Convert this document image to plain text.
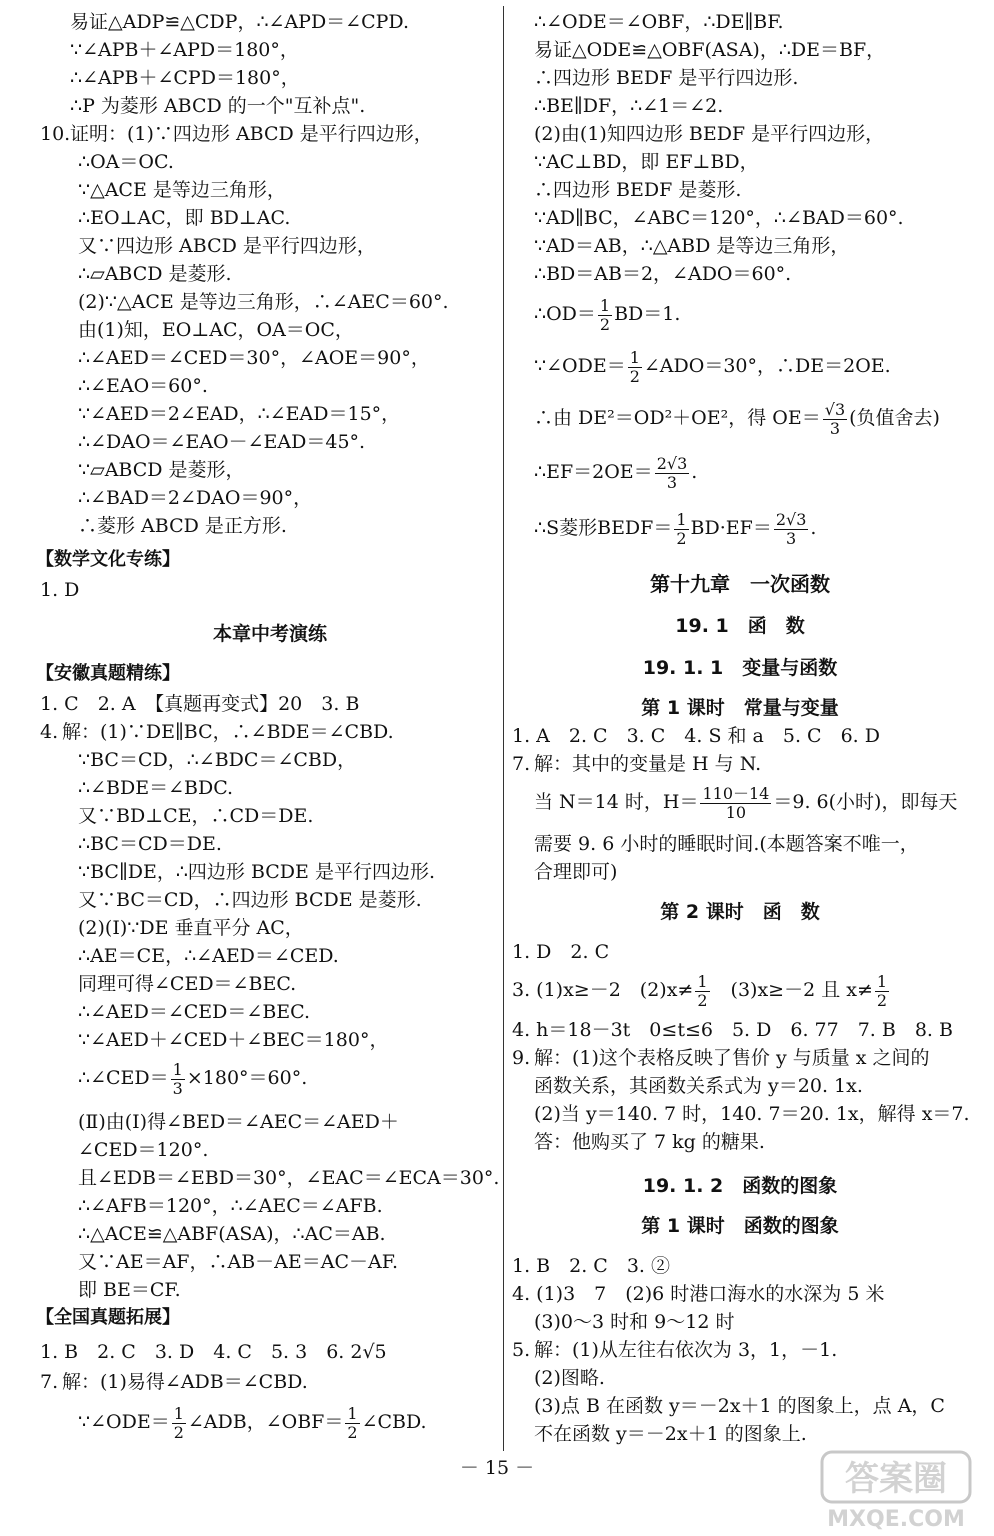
易证△ADP≌△CDP，∴∠APD＝∠CPD.
∵∠APB＋∠APD＝180°，
∴∠APB＋∠CPD＝180°，
∴P 为菱形 ABCD 的一个"互补点".
10. 证明：(1)∵四边形 ABCD 是平行四边形，
∴OA＝OC.
∵△ACE 是等边三角形，
∴EO⊥AC，即 BD⊥AC.
又∵四边形 ABCD 是平行四边形，
∴▱ABCD 是菱形.
(2)∵△ACE 是等边三角形，∴∠AEC＝60°.
由(1)知，EO⊥AC，OA＝OC，
∴∠AED＝∠CED＝30°，∠AOE＝90°，
∴∠EAO＝60°.
∵∠AED＝2∠EAD，∴∠EAD＝15°，
∴∠DAO＝∠EAO－∠EAD＝45°.
∵▱ABCD 是菱形，
∴∠BAD＝2∠DAO＝90°，
∴菱形 ABCD 是正方形.
【数学文化专练】
1. D
本章中考演练
【安徽真题精练】
1. C　2. A　【真题再变式】20　3. B
4. 解：(1)∵DE∥BC，∴∠BDE＝∠CBD.
∵BC＝CD，∴∠BDC＝∠CBD，
∴∠BDE＝∠BDC.
又∵BD⊥CE，∴CD＝DE.
∴BC＝CD＝DE.
∵BC∥DE，∴四边形 BCDE 是平行四边形.
又∵BC＝CD，∴四边形 BCDE 是菱形.
(2)(Ⅰ)∵DE 垂直平分 AC，
∴AE＝CE，∴∠AED＝∠CED.
同理可得∠CED＝∠BEC.
∴∠AED＝∠CED＝∠BEC.
∵∠AED＋∠CED＋∠BEC＝180°，
∴∠CED＝ $\frac{1}{3} \times 180^\circ=60^\circ$.
(Ⅱ)由(Ⅰ)得∠BED＝∠AEC＝∠AED＋
∠CED＝120°.
且∠EDB＝∠EBD＝30°，∠EAC＝∠ECA＝30°.
∴∠AFB＝120°，∴∠AEC＝∠AFB.
∴△ACE≌△ABF(ASA)，∴AC＝AB.
又∵AE＝AF，∴AB－AE＝AC－AF.
即 BE＝CF.
【全国真题拓展】
1. B　2. C　3. D　4. C　5. 3　6. 2√5
7. 解：(1)易得∠ADB＝∠CBD.
∵∠ODE＝ $\frac{1}{2}$ ∠ADB，∠OBF＝ $\frac{1}{2}$ ∠CBD.
∴∠ODE＝∠OBF，∴DE∥BF.
易证△ODE≌△OBF(ASA)，∴DE＝BF，
∴四边形 BEDF 是平行四边形.
∴BE∥DF，∴∠1＝∠2.
(2)由(1)知四边形 BEDF 是平行四边形，
∵AC⊥BD，即 EF⊥BD，
∴四边形 BEDF 是菱形.
∵AD∥BC，∠ABC＝120°，∴∠BAD＝60°.
∵AD＝AB，∴△ABD 是等边三角形，
∴BD＝AB＝2，∠ADO＝60°.
∴OD＝ $\frac{1}{2} BD=1$.
∵∠ODE＝ $\frac{1}{2}$ ∠ADO＝30°，∴DE＝2OE.
∴由 DE²＝OD²＋OE²，得 $OE= \frac{√3}{3}$ (负值舍去)
∴EF＝2OE＝ $\frac{2√3}{3}$ .
∴S菱形BEDF＝ $\frac{1}{2} BD\cdot EF= \frac{2√3}{3}$ .
第十九章　一次函数
19. 1　函　数
19. 1. 1　变量与函数
第 1 课时　常量与变量
1. A　2. C　3. C　4. S 和 a　5. C　6. D
7. 解：其中的变量是 H 与 N.
当 N＝14 时，$H= \frac{110-14}{10} =9$. 6(小时)，即每天
需要 9. 6 小时的睡眠时间.(本题答案不唯一，
合理即可)
第 2 课时　函　数
1. D　2. C
3. (1)x≥－2　$(2)x\ne \frac{1}{2}$ 　(3)x≥－2 且 $x\ne \frac{1}{2}$
4. h＝18－3t　0≤t≤6　5. D　6. 77　7. B　8. B
9. 解：(1)这个表格反映了售价 y 与质量 x 之间的
函数关系，其函数关系式为 y＝20. 1x.
(2)当 y＝140. 7 时，140. 7＝20. 1x，解得 x＝7.
答：他购买了 7 kg 的糖果.
19. 1. 2　函数的图象
第 1 课时　函数的图象
1. B　2. C　3. ②
4. (1)3　7　(2)6 时港口海水的水深为 5 米
(3)0～3 时和 9～12 时
5. 解：(1)从左往右依次为 3，1，－1.
(2)图略.
(3)点 B 在函数 y＝－2x＋1 的图象上，点 A，C
不在函数 y＝－2x＋1 的图象上.
－ 15 －	答案圈
MXQE.COM
